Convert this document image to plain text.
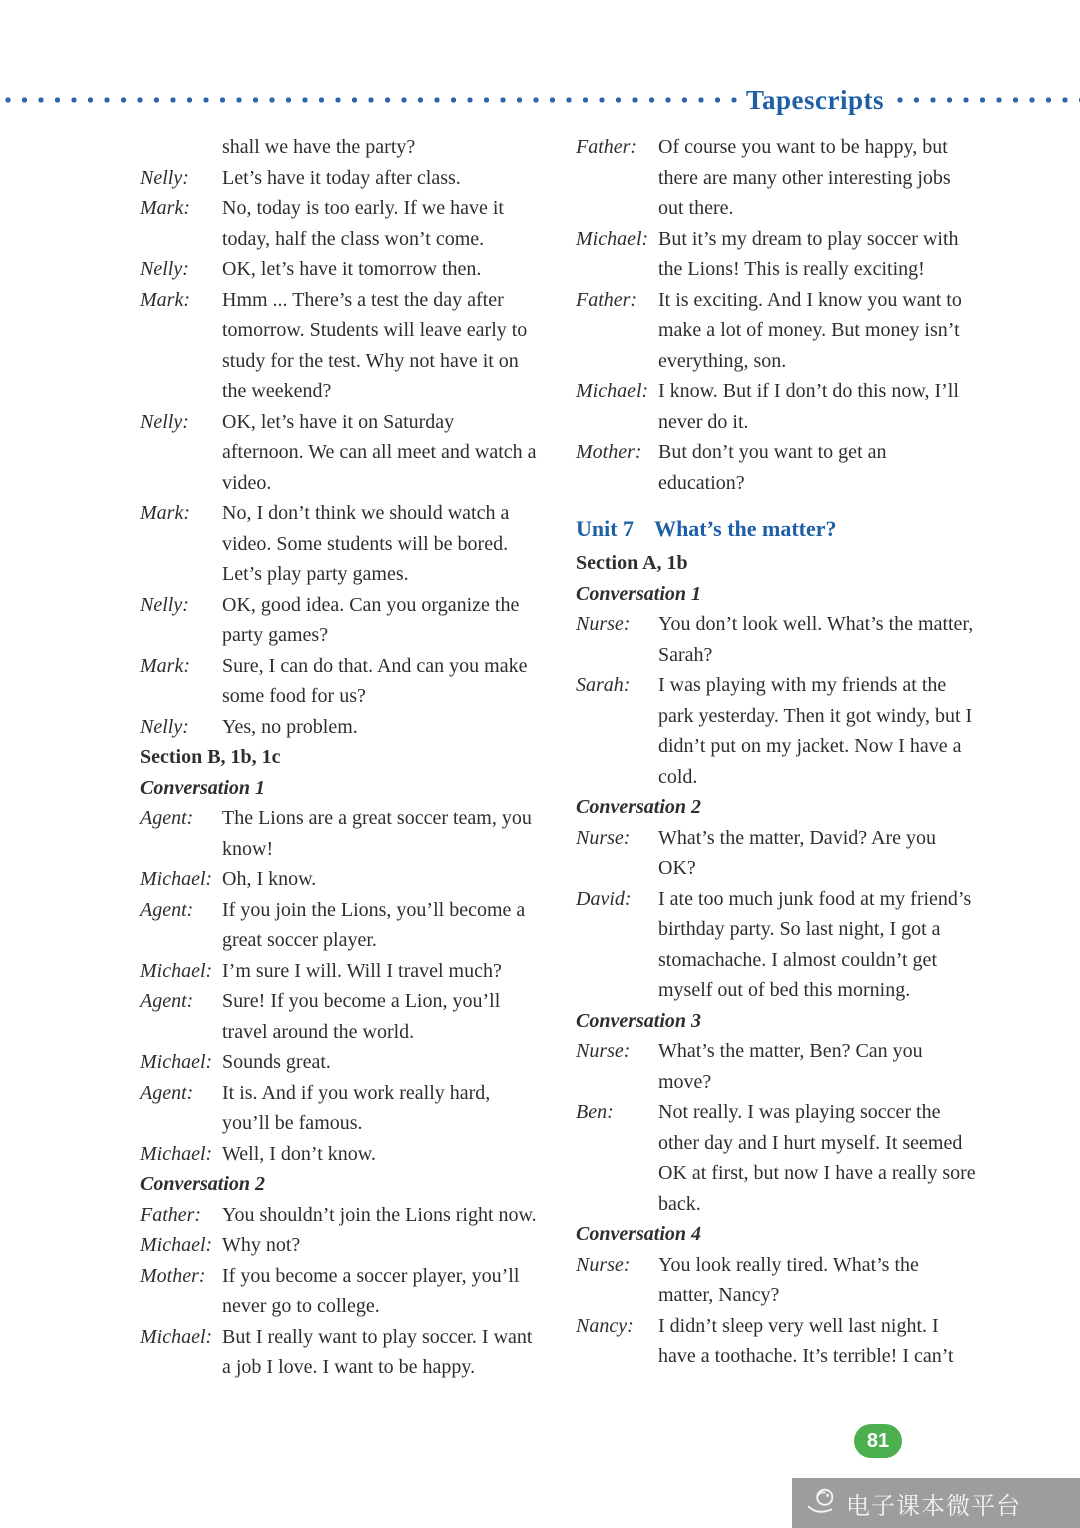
Tapescripts
shall we have the party?
Nelly:	Let’s have it today after class.
Mark:	No, today is too early. If we have it today, half the class won’t come.
Nelly:	OK, let’s have it tomorrow then.
Mark:	Hmm ... There’s a test the day after tomorrow. Students will leave early to study for the test. Why not have it on the weekend?
Nelly:	OK, let’s have it on Saturday afternoon. We can all meet and watch a video.
Mark:	No, I don’t think we should watch a video. Some students will be bored. Let’s play party games.
Nelly:	OK, good idea. Can you organize the party games?
Mark:	Sure, I can do that. And can you make some food for us?
Nelly:	Yes, no problem.
Section B, 1b, 1c
Conversation 1
Agent:	The Lions are a great soccer team, you know!
Michael: Oh, I know.
Agent:	If you join the Lions, you’ll become a great soccer player.
Michael: I’m sure I will. Will I travel much?
Agent:	Sure! If you become a Lion, you’ll travel around the world.
Michael: Sounds great.
Agent:	It is. And if you work really hard, you’ll be famous.
Michael: Well, I don’t know.
Conversation 2
Father:	You shouldn’t join the Lions right now.
Michael: Why not?
Mother: If you become a soccer player, you’ll never go to college.
Michael: But I really want to play soccer. I want a job I love. I want to be happy.
Father:	Of course you want to be happy, but there are many other interesting jobs out there.
Michael: But it’s my dream to play soccer with the Lions! This is really exciting!
Father:	It is exciting. And I know you want to make a lot of money. But money isn’t everything, son.
Michael: I know. But if I don’t do this now, I’ll never do it.
Mother: But don’t you want to get an education?
Unit 7 What’s the matter?
Section A, 1b
Conversation 1
Nurse:	You don’t look well. What’s the matter, Sarah?
Sarah:	I was playing with my friends at the park yesterday. Then it got windy, but I didn’t put on my jacket. Now I have a cold.
Conversation 2
Nurse:	What’s the matter, David? Are you OK?
David:	I ate too much junk food at my friend’s birthday party. So last night, I got a stomachache. I almost couldn’t get myself out of bed this morning.
Conversation 3
Nurse:	What’s the matter, Ben? Can you move?
Ben:	Not really. I was playing soccer the other day and I hurt myself. It seemed OK at first, but now I have a really sore back.
Conversation 4
Nurse:	You look really tired. What’s the matter, Nancy?
Nancy:	I didn’t sleep very well last night. I have a toothache. It’s terrible! I can’t
81
电子课本微平台
